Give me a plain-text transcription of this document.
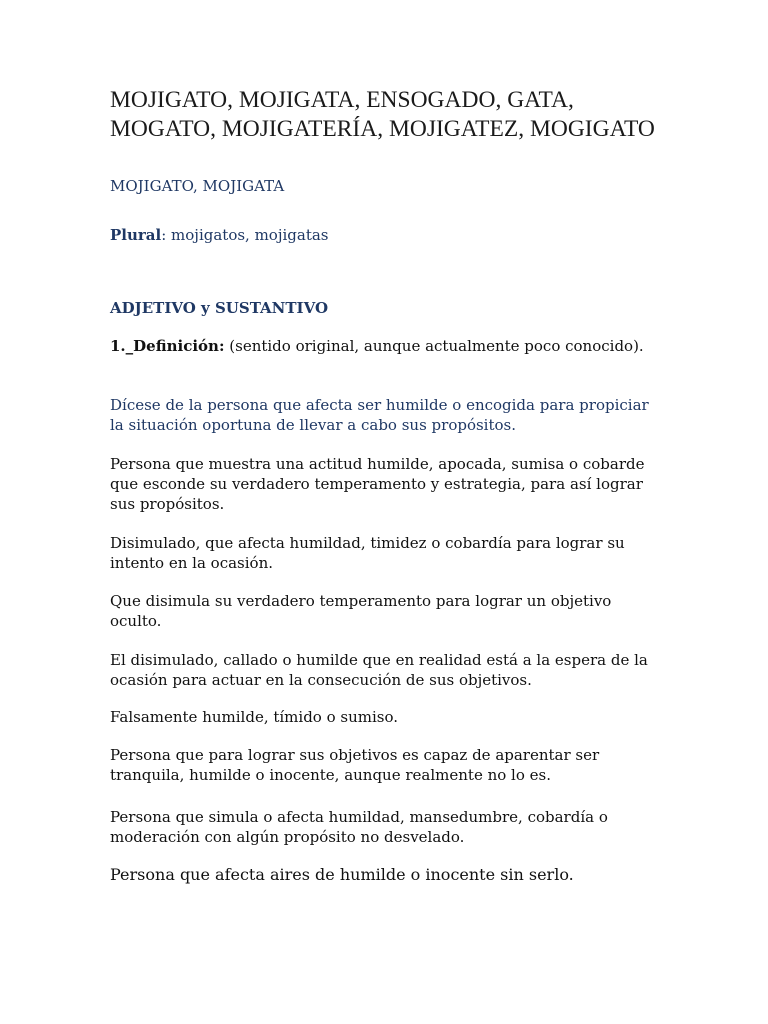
MOJIGATO, MOJIGATA, ENSOGADO, GATA, MOGATO, MOJIGATERÍA, MOJIGATEZ, MOGIGATO

MOJIGATO, MOJIGATA

Plural: mojigatos, mojigatas

ADJETIVO y SUSTANTIVO

1._Definición: (sentido original, aunque actualmente poco conocido).

Dícese de la persona que afecta ser humilde o encogida para propiciar la situación oportuna de llevar a cabo sus propósitos.

Persona que muestra una actitud humilde, apocada, sumisa o cobarde que esconde su verdadero temperamento y estrategia, para así lograr sus propósitos.

Disimulado, que afecta humildad, timidez o cobardía para lograr su intento en la ocasión.

Que disimula su verdadero temperamento para lograr un objetivo oculto.

El disimulado, callado o humilde que en realidad está a la espera de la ocasión para actuar en la consecución de sus objetivos.

Falsamente humilde, tímido o sumiso.

Persona que para lograr sus objetivos es capaz de aparentar ser tranquila, humilde o inocente, aunque realmente no lo es.

Persona que simula o afecta humildad, mansedumbre, cobardía o moderación con algún propósito no desvelado.

Persona que afecta aires de humilde o inocente sin serlo.
